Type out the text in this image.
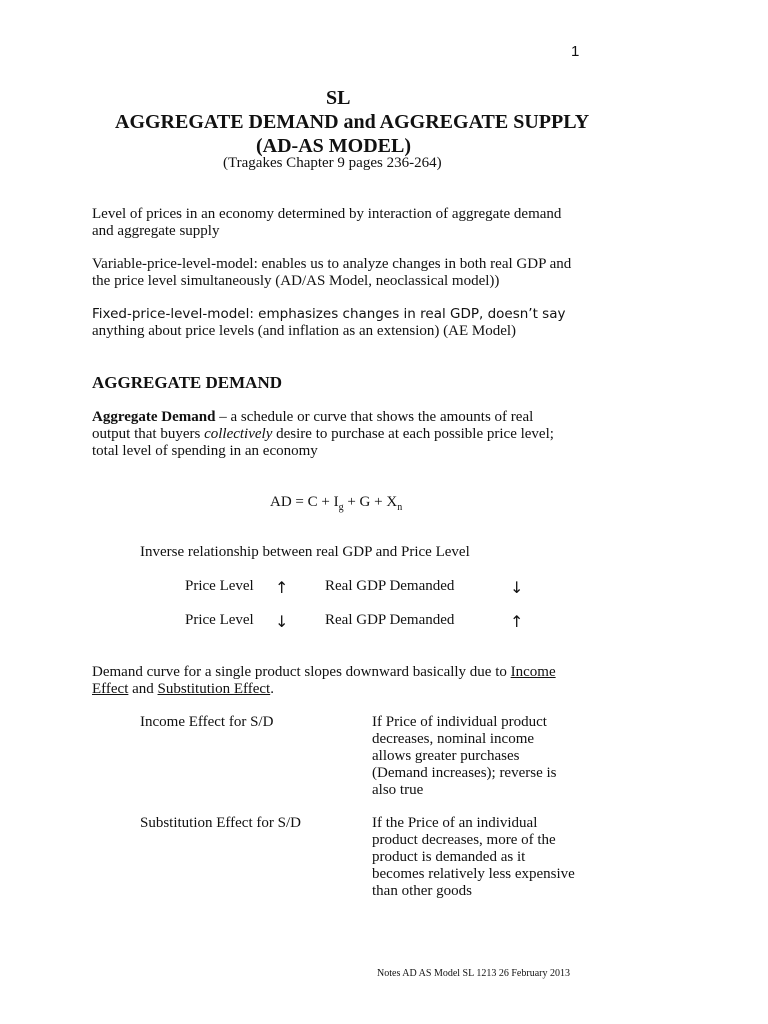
1
SL
AGGREGATE DEMAND and AGGREGATE SUPPLY
(AD-AS MODEL)
(Tragakes Chapter 9 pages 236-264)
Level of prices in an economy determined by interaction of aggregate demand
and aggregate supply
Variable-price-level-model: enables us to analyze changes in both real GDP and
the price level simultaneously (AD/AS Model, neoclassical model))
Fixed-price-level-model: emphasizes changes in real GDP, doesn’t say
anything about price levels (and inflation as an extension) (AE Model)
AGGREGATE DEMAND
Aggregate Demand – a schedule or curve that shows the amounts of real
output that buyers collectively desire to purchase at each possible price level;
total level of spending in an economy
AD = $C + I_g + G + X_n$
Inverse relationship between real GDP and Price Level
Price Level ↑ Real GDP Demanded	↓
Price Level ↓ Real GDP Demanded	↑
Demand curve for a single product slopes downward basically due to Income
Effect and Substitution Effect.
Income Effect for S/D	If Price of individual product
decreases, nominal income
allows greater purchases
(Demand increases); reverse is
also true
Substitution Effect for S/D	If the Price of an individual
product decreases, more of the
product is demanded as it
becomes relatively less expensive
than other goods
Notes AD AS Model SL 1213 26 February 2013
